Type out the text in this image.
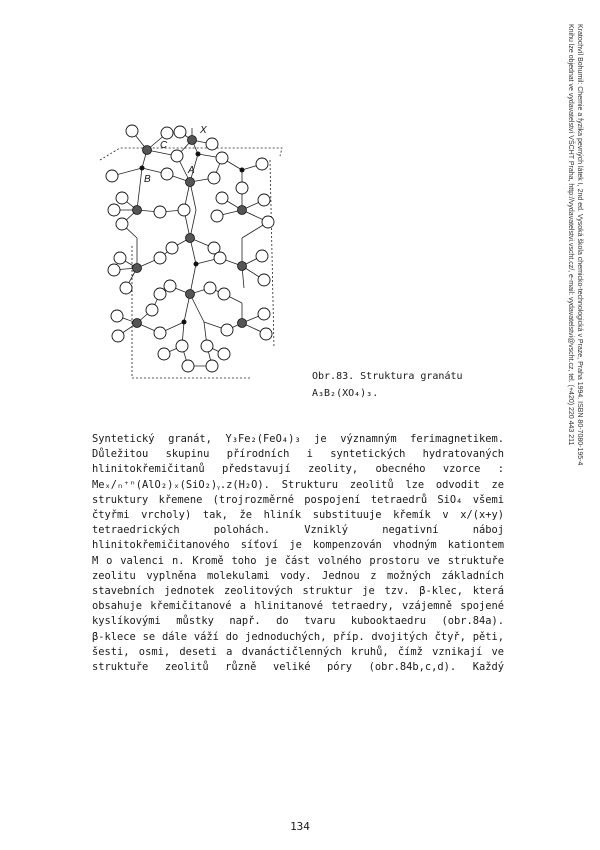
X
C
B
A
Obr.83. Struktura granátu
A₃B₂(XO₄)₃.
Syntetický granát, Y₃Fe₂(FeO₄)₃ je významným ferimagnetikem.
Důležitou skupinu přírodních i syntetických hydratovaných
hlinitokřemičitanů představují zeolity, obecného vzorce :
Meₓ/ₙ⁺ⁿ(AlO₂)ₓ(SiO₂)ᵧ.z(H₂O). Strukturu zeolitů lze odvodit ze
struktury křemene (trojrozměrné pospojení tetraedrů SiO₄ všemi
čtyřmi vrcholy) tak, že hliník substituuje křemík v x/(x+y)
tetraedrických polohách. Vzniklý negativní náboj
hlinitokřemičitanového síťoví je kompenzován vhodným kationtem
M o valenci n. Kromě toho je část volného prostoru ve struktuře
zeolitu vyplněna molekulami vody. Jednou z možných základních
stavebních jednotek zeolitových struktur je tzv. β-klec, která
obsahuje křemičitanové a hlinitanové tetraedry, vzájemně spojené
kyslíkovými můstky např. do tvaru kubooktaedru (obr.84a).
β-klece se dále váží do jednoduchých, příp. dvojitých čtyř, pěti,
šesti, osmi, deseti a dvanáctičlenných kruhů, čímž vznikají ve
struktuře zeolitů různě veliké póry (obr.84b,c,d). Každý
Kratochvíl Bohumil: Chemie a fyzika pevných látek I, 2nd ed. Vysoká škola chemicko-technologická v Praze, Praha 1994. ISBN 80-7080-195-4
Knihu lze objednat ve vydavatelství VŠCHT Praha, http://vydavatelstvi.vscht.cz/, e-mail: vydavatelstvi@vscht.cz, tel. (+420) 220 443 211
134
